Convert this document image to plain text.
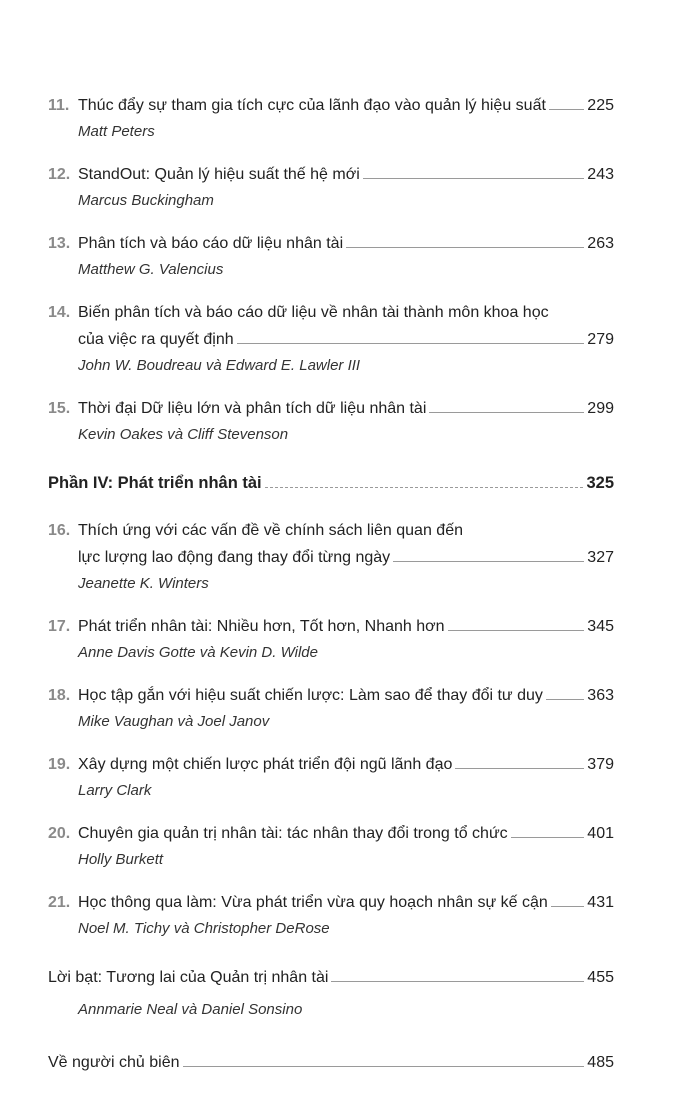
11. Thúc đẩy sự tham gia tích cực của lãnh đạo vào quản lý hiệu suất	225
Matt Peters
12. StandOut: Quản lý hiệu suất thế hệ mới	243
Marcus Buckingham
13. Phân tích và báo cáo dữ liệu nhân tài	263
Matthew G. Valencius
14. Biến phân tích và báo cáo dữ liệu về nhân tài thành môn khoa học
của việc ra quyết định	279
John W. Boudreau và Edward E. Lawler III
15. Thời đại Dữ liệu lớn và phân tích dữ liệu nhân tài	299
Kevin Oakes và Cliff Stevenson
Phần IV: Phát triển nhân tài	325
16. Thích ứng với các vấn đề về chính sách liên quan đến
lực lượng lao động đang thay đổi từng ngày	327
Jeanette K. Winters
17. Phát triển nhân tài: Nhiều hơn, Tốt hơn, Nhanh hơn	345
Anne Davis Gotte và Kevin D. Wilde
18. Học tập gắn với hiệu suất chiến lược: Làm sao để thay đổi tư duy	363
Mike Vaughan và Joel Janov
19. Xây dựng một chiến lược phát triển đội ngũ lãnh đạo	379
Larry Clark
20. Chuyên gia quản trị nhân tài: tác nhân thay đổi trong tổ chức	401
Holly Burkett
21. Học thông qua làm: Vừa phát triển vừa quy hoạch nhân sự kế cận 431
Noel M. Tichy và Christopher DeRose
Lời bạt: Tương lai của Quản trị nhân tài	455
Annmarie Neal và Daniel Sonsino
Về người chủ biên	485
